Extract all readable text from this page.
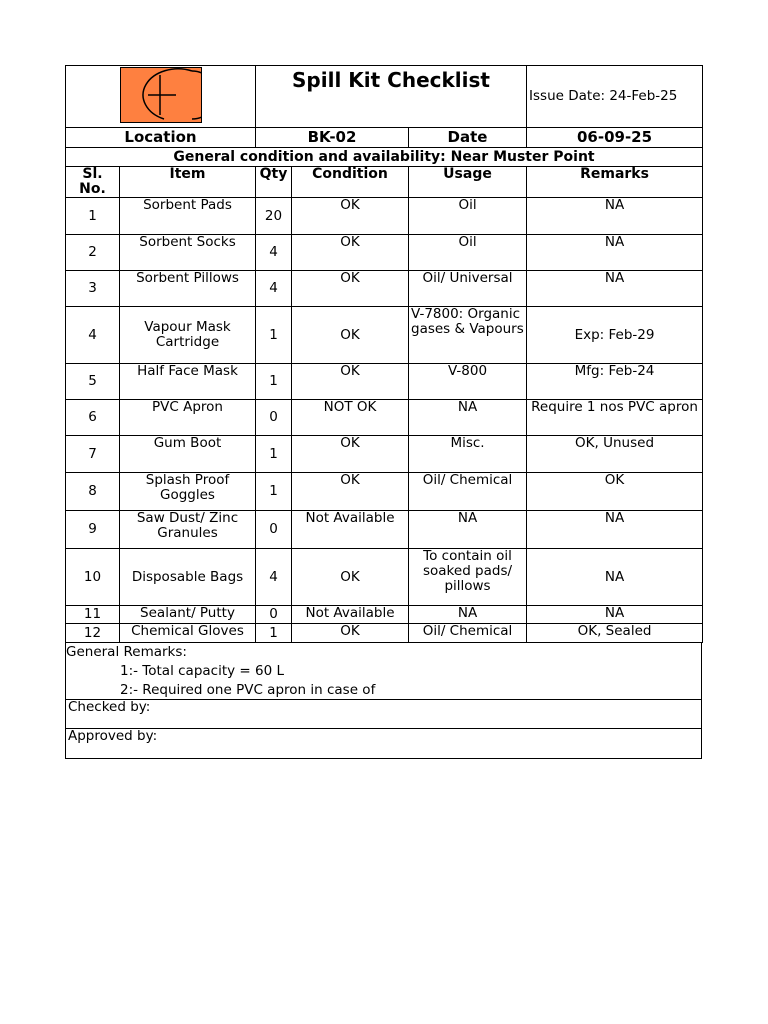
	Spill Kit Checklist			Issue Date: 24-Feb-25
Location		BK-02		Date	06-09-25
General condition and availability: Near Muster Point					
Sl. No.	Item	Qty	Condition	Usage	Remarks
1	Sorbent Pads	20	OK	Oil	NA
2	Sorbent Socks	4	OK	Oil	NA
3	Sorbent Pillows	4	OK	Oil/ Universal	NA
4	Vapour Mask Cartridge	1	OK	V-7800: Organic gases & Vapours	Exp: Feb-29
5	Half Face Mask	1	OK	V-800	Mfg: Feb-24
6	PVC Apron	0	NOT OK	NA	Require 1 nos PVC apron
7	Gum Boot	1	OK	Misc.	OK, Unused
8	Splash Proof Goggles	1	OK	Oil/ Chemical	OK
9	Saw Dust/ Zinc Granules	0	Not Available	NA	NA
10	Disposable Bags	4	OK	To contain oil soaked pads/ pillows	NA
11	Sealant/ Putty	0	Not Available	NA	NA
12	Chemical Gloves	1	OK	Oil/ Chemical	OK, Sealed
General Remarks:
1:- Total capacity = 60 L
2:- Required one PVC apron in case of
Checked by:
Approved by:
